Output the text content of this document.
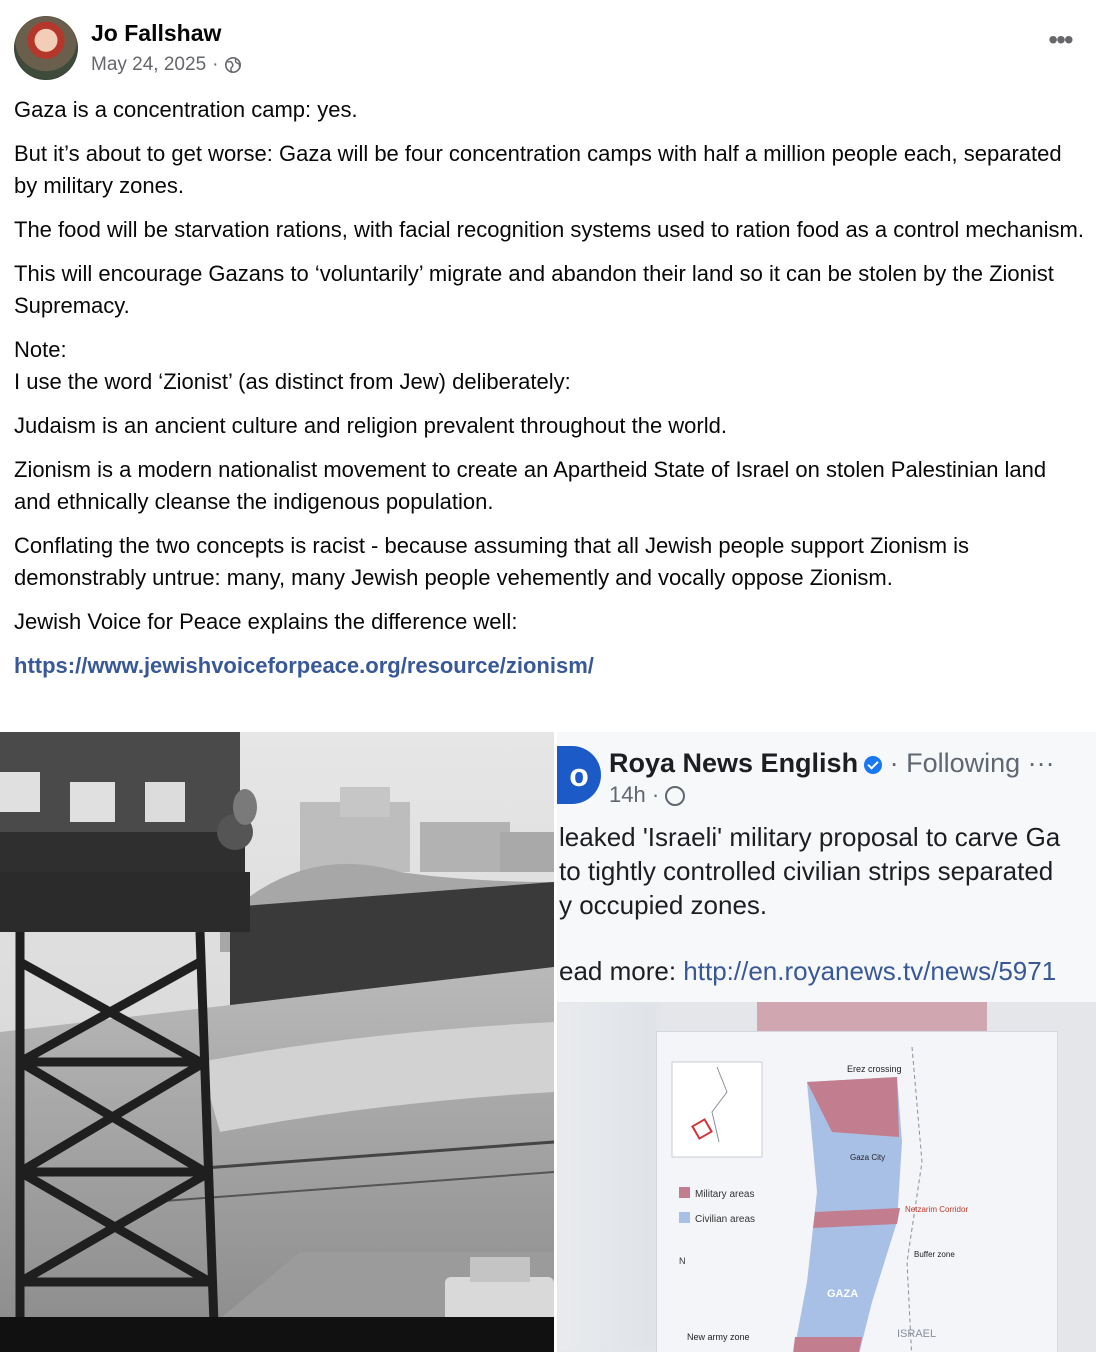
Jo Fallshaw
May 24, 2025 ·
•••

Gaza is a concentration camp: yes.

But it’s about to get worse: Gaza will be four concentration camps with half a million people each, separated by military zones.

The food will be starvation rations, with facial recognition systems used to ration food as a control mechanism.

This will encourage Gazans to ‘voluntarily’ migrate and abandon their land so it can be stolen by the Zionist Supremacy.

Note:

I use the word ‘Zionist’ (as distinct from Jew) deliberately:

Judaism is an ancient culture and religion prevalent throughout the world.

Zionism is a modern nationalist movement to create an Apartheid State of Israel on stolen Palestinian land and ethnically cleanse the indigenous population.

Conflating the two concepts is racist - because assuming that all Jewish people support Zionism is demonstrably untrue: many, many Jewish people vehemently and vocally oppose Zionism.

Jewish Voice for Peace explains the difference well:

https://www.jewishvoiceforpeace.org/resource/zionism/

o Roya News English · Following ···
14h ·
leaked 'Israeli' military proposal to carve Ga
to tightly controlled civilian strips separated
y occupied zones.
ead more: http://en.royanews.tv/news/5971
Military areas
Civilian areas
N
Erez crossing
Gaza City
Netzarim Corridor
Buffer zone
GAZA
ISRAEL
New army zone
